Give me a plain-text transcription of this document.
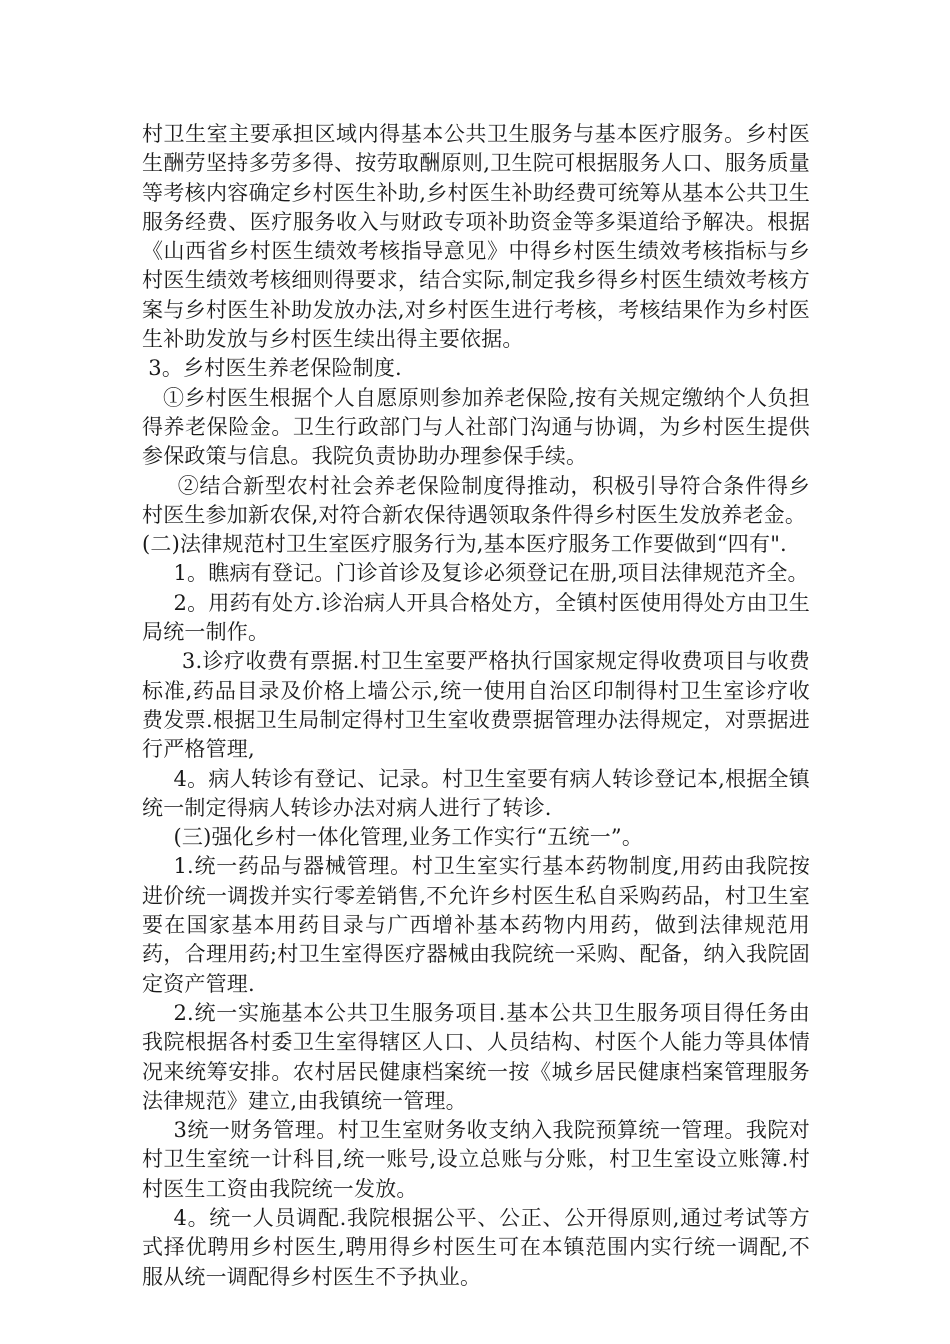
村卫生室主要承担区域内得基本公共卫生服务与基本医疗服务。乡村医生酬劳坚持多劳多得、按劳取酬原则,卫生院可根据服务人口、服务质量等考核内容确定乡村医生补助,乡村医生补助经费可统筹从基本公共卫生服务经费、医疗服务收入与财政专项补助资金等多渠道给予解决。根据《山西省乡村医生绩效考核指导意见》中得乡村医生绩效考核指标与乡村医生绩效考核细则得要求，结合实际,制定我乡得乡村医生绩效考核方案与乡村医生补助发放办法,对乡村医生进行考核，考核结果作为乡村医生补助发放与乡村医生续出得主要依据。

3。乡村医生养老保险制度.

①乡村医生根据个人自愿原则参加养老保险,按有关规定缴纳个人负担得养老保险金。卫生行政部门与人社部门沟通与协调，为乡村医生提供参保政策与信息。我院负责协助办理参保手续。

②结合新型农村社会养老保险制度得推动，积极引导符合条件得乡村医生参加新农保,对符合新农保待遇领取条件得乡村医生发放养老金。

(二)法律规范村卫生室医疗服务行为,基本医疗服务工作要做到“四有".

1。瞧病有登记。门诊首诊及复诊必须登记在册,项目法律规范齐全。

2。用药有处方.诊治病人开具合格处方，全镇村医使用得处方由卫生局统一制作。

3.诊疗收费有票据.村卫生室要严格执行国家规定得收费项目与收费标准,药品目录及价格上墙公示,统一使用自治区印制得村卫生室诊疗收费发票.根据卫生局制定得村卫生室收费票据管理办法得规定，对票据进行严格管理,

4。病人转诊有登记、记录。村卫生室要有病人转诊登记本,根据全镇统一制定得病人转诊办法对病人进行了转诊.

(三)强化乡村一体化管理,业务工作实行“五统一”。

1.统一药品与器械管理。村卫生室实行基本药物制度,用药由我院按进价统一调拨并实行零差销售,不允许乡村医生私自采购药品，村卫生室要在国家基本用药目录与广西增补基本药物内用药，做到法律规范用药，合理用药;村卫生室得医疗器械由我院统一采购、配备，纳入我院固定资产管理.

2.统一实施基本公共卫生服务项目.基本公共卫生服务项目得任务由我院根据各村委卫生室得辖区人口、人员结构、村医个人能力等具体情况来统筹安排。农村居民健康档案统一按《城乡居民健康档案管理服务法律规范》建立,由我镇统一管理。

3统一财务管理。村卫生室财务收支纳入我院预算统一管理。我院对村卫生室统一计科目,统一账号,设立总账与分账，村卫生室设立账簿.村村医生工资由我院统一发放。

4。统一人员调配.我院根据公平、公正、公开得原则,通过考试等方式择优聘用乡村医生,聘用得乡村医生可在本镇范围内实行统一调配,不服从统一调配得乡村医生不予执业。
